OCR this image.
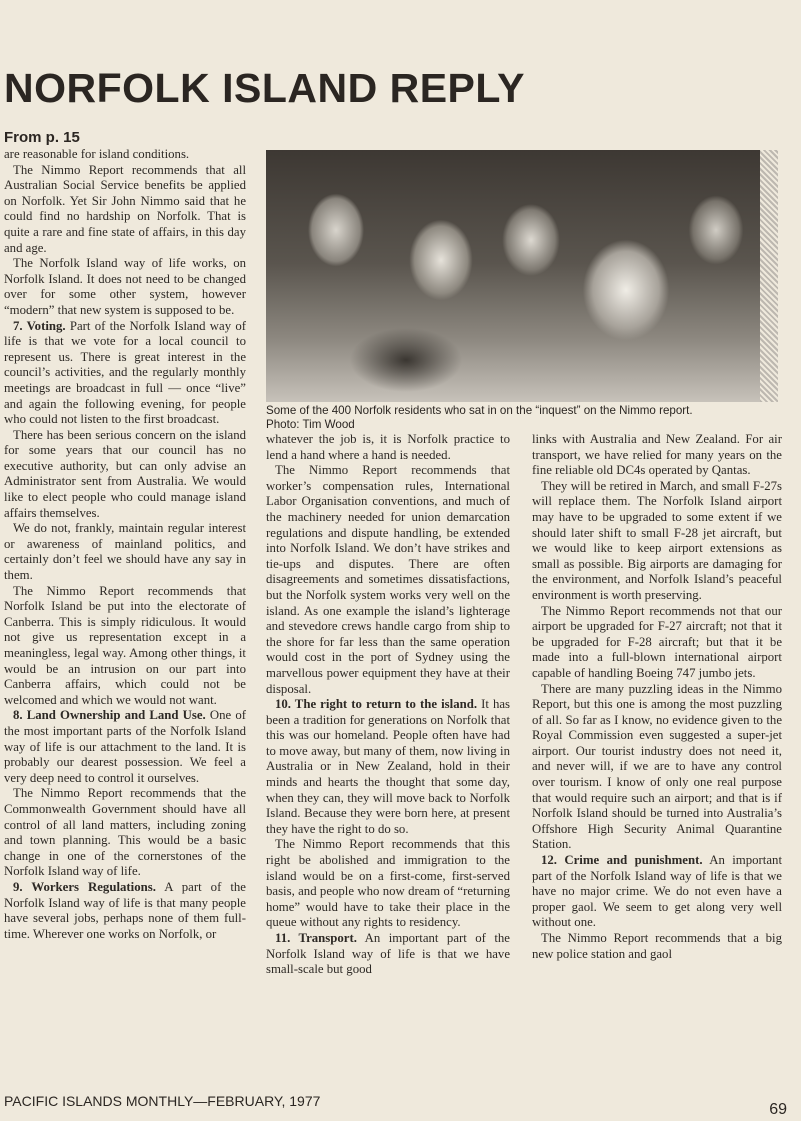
NORFOLK ISLAND REPLY
From p. 15

are reasonable for island conditions.

The Nimmo Report recommends that all Australian Social Service benefits be applied on Norfolk. Yet Sir John Nimmo said that he could find no hardship on Norfolk. That is quite a rare and fine state of affairs, in this day and age.

The Norfolk Island way of life works, on Norfolk Island. It does not need to be changed over for some other system, however “modern” that new system is supposed to be.

7. Voting. Part of the Norfolk Island way of life is that we vote for a local council to represent us. There is great interest in the council’s activities, and the regularly monthly meetings are broadcast in full — once “live” and again the following evening, for people who could not listen to the first broadcast.

There has been serious concern on the island for some years that our council has no executive authority, but can only advise an Administrator sent from Australia. We would like to elect people who could manage island affairs themselves.

We do not, frankly, maintain regular interest or awareness of mainland politics, and certainly don’t feel we should have any say in them.

The Nimmo Report recommends that Norfolk Island be put into the electorate of Canberra. This is simply ridiculous. It would not give us representation except in a meaningless, legal way. Among other things, it would be an intrusion on our part into Canberra affairs, which could not be welcomed and which we would not want.

8. Land Ownership and Land Use. One of the most important parts of the Norfolk Island way of life is our attachment to the land. It is probably our dearest possession. We feel a very deep need to control it ourselves.

The Nimmo Report recommends that the Commonwealth Government should have all control of all land matters, including zoning and town planning. This would be a basic change in one of the cornerstones of the Norfolk Island way of life.

9. Workers Regulations. A part of the Norfolk Island way of life is that many people have several jobs, perhaps none of them full-time. Wherever one works on Norfolk, or

Some of the 400 Norfolk residents who sat in on the “inquest” on the Nimmo report.
Photo: Tim Wood

whatever the job is, it is Norfolk practice to lend a hand where a hand is needed.

The Nimmo Report recommends that worker’s compensation rules, International Labor Organisation conventions, and much of the machinery needed for union demarcation regulations and dispute handling, be extended into Norfolk Island. We don’t have strikes and tie-ups and disputes. There are often disagreements and sometimes dissatisfactions, but the Norfolk system works very well on the island. As one example the island’s lighterage and stevedore crews handle cargo from ship to the shore for far less than the same operation would cost in the port of Sydney using the marvellous power equipment they have at their disposal.

10. The right to return to the island. It has been a tradition for generations on Norfolk that this was our homeland. People often have had to move away, but many of them, now living in Australia or in New Zealand, hold in their minds and hearts the thought that some day, when they can, they will move back to Norfolk Island. Because they were born here, at present they have the right to do so.

The Nimmo Report recommends that this right be abolished and immigration to the island would be on a first-come, first-served basis, and people who now dream of “returning home” would have to take their place in the queue without any rights to residency.

11. Transport. An important part of the Norfolk Island way of life is that we have small-scale but good

links with Australia and New Zealand. For air transport, we have relied for many years on the fine reliable old DC4s operated by Qantas.

They will be retired in March, and small F-27s will replace them. The Norfolk Island airport may have to be upgraded to some extent if we should later shift to small F-28 jet aircraft, but we would like to keep airport extensions as small as possible. Big airports are damaging for the environment, and Norfolk Island’s peaceful environment is worth preserving.

The Nimmo Report recommends not that our airport be upgraded for F-27 aircraft; not that it be upgraded for F-28 aircraft; but that it be made into a full-blown international airport capable of handling Boeing 747 jumbo jets.

There are many puzzling ideas in the Nimmo Report, but this one is among the most puzzling of all. So far as I know, no evidence given to the Royal Commission even suggested a super-jet airport. Our tourist industry does not need it, and never will, if we are to have any control over tourism. I know of only one real purpose that would require such an airport; and that is if Norfolk Island should be turned into Australia’s Offshore High Security Animal Quarantine Station.

12. Crime and punishment. An important part of the Norfolk Island way of life is that we have no major crime. We do not even have a proper gaol. We seem to get along very well without one.

The Nimmo Report recommends that a big new police station and gaol

PACIFIC ISLANDS MONTHLY—FEBRUARY, 1977	69
